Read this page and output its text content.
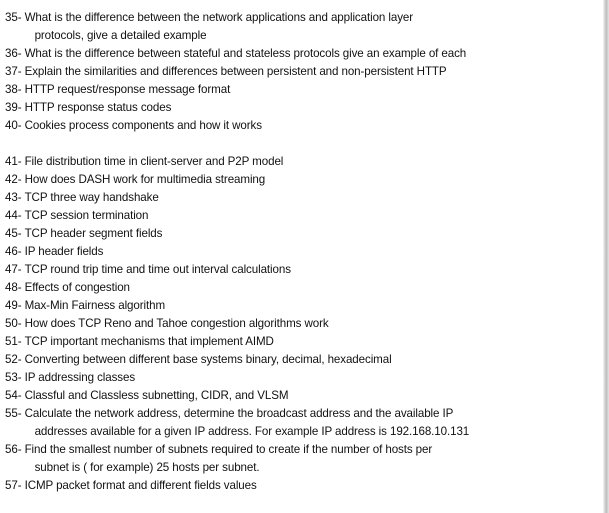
35- What is the difference between the network applications and application layer
protocols, give a detailed example
36- What is the difference between stateful and stateless protocols give an example of each
37- Explain the similarities and differences between persistent and non-persistent HTTP
38- HTTP request/response message format
39- HTTP response status codes
40- Cookies process components and how it works
41- File distribution time in client-server and P2P model
42- How does DASH work for multimedia streaming
43- TCP three way handshake
44- TCP session termination
45- TCP header segment fields
46- IP header fields
47- TCP round trip time and time out interval calculations
48- Effects of congestion
49- Max-Min Fairness algorithm
50- How does TCP Reno and Tahoe congestion algorithms work
51- TCP important mechanisms that implement AIMD
52- Converting between different base systems binary, decimal, hexadecimal
53- IP addressing classes
54- Classful and Classless subnetting, CIDR, and VLSM
55- Calculate the network address, determine the broadcast address and the available IP
addresses available for a given IP address. For example IP address is 192.168.10.131
56- Find the smallest number of subnets required to create if the number of hosts per
subnet is ( for example) 25 hosts per subnet.
57- ICMP packet format and different fields values
